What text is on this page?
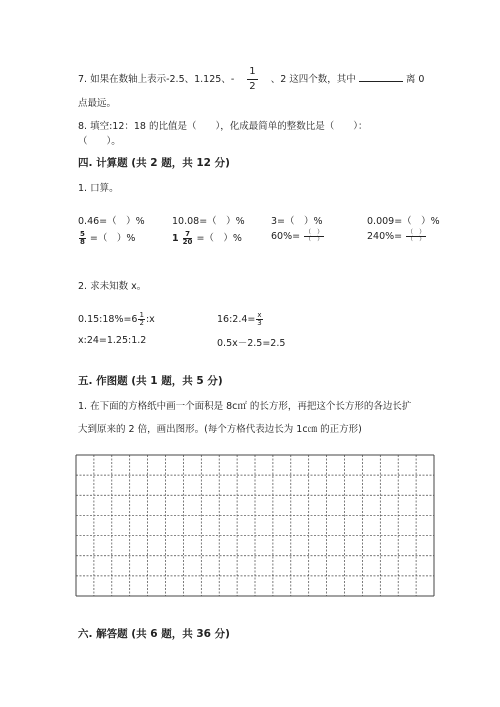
7. 如果在数轴上表示-2.5、1.125、- $\frac{1}{2}$ 、2 这四个数，其中	离 0
点最远。
8. 填空:12：18 的比值是（　　），化成最简单的整数比是（　　）：
（　　）。
四. 计算题 (共 2 题，共 12 分)
1. 口算。
0.46=（　）%	10.08=（　）%	3=（　）%	0.009=（　）%
$\frac{5}{8}$ =（　）%	$1 \frac{7}{20}$ =（　）%	$60\%= \frac{( )}{( )}$	$240\%= \frac{( )}{( )}$
2. 求未知数 x。
0.15:18%=6 $\frac{1}{2}$ :x	16:2.4= $\frac{x}{3}$
x:24=1.25:1.2	0.5x－2.5=2.5
五. 作图题 (共 1 题，共 5 分)
1. 在下面的方格纸中画一个面积是 8c㎡ 的长方形，再把这个长方形的各边长扩
大到原来的 2 倍，画出图形。(每个方格代表边长为 1c㎝ 的正方形)
六. 解答题 (共 6 题，共 36 分)
